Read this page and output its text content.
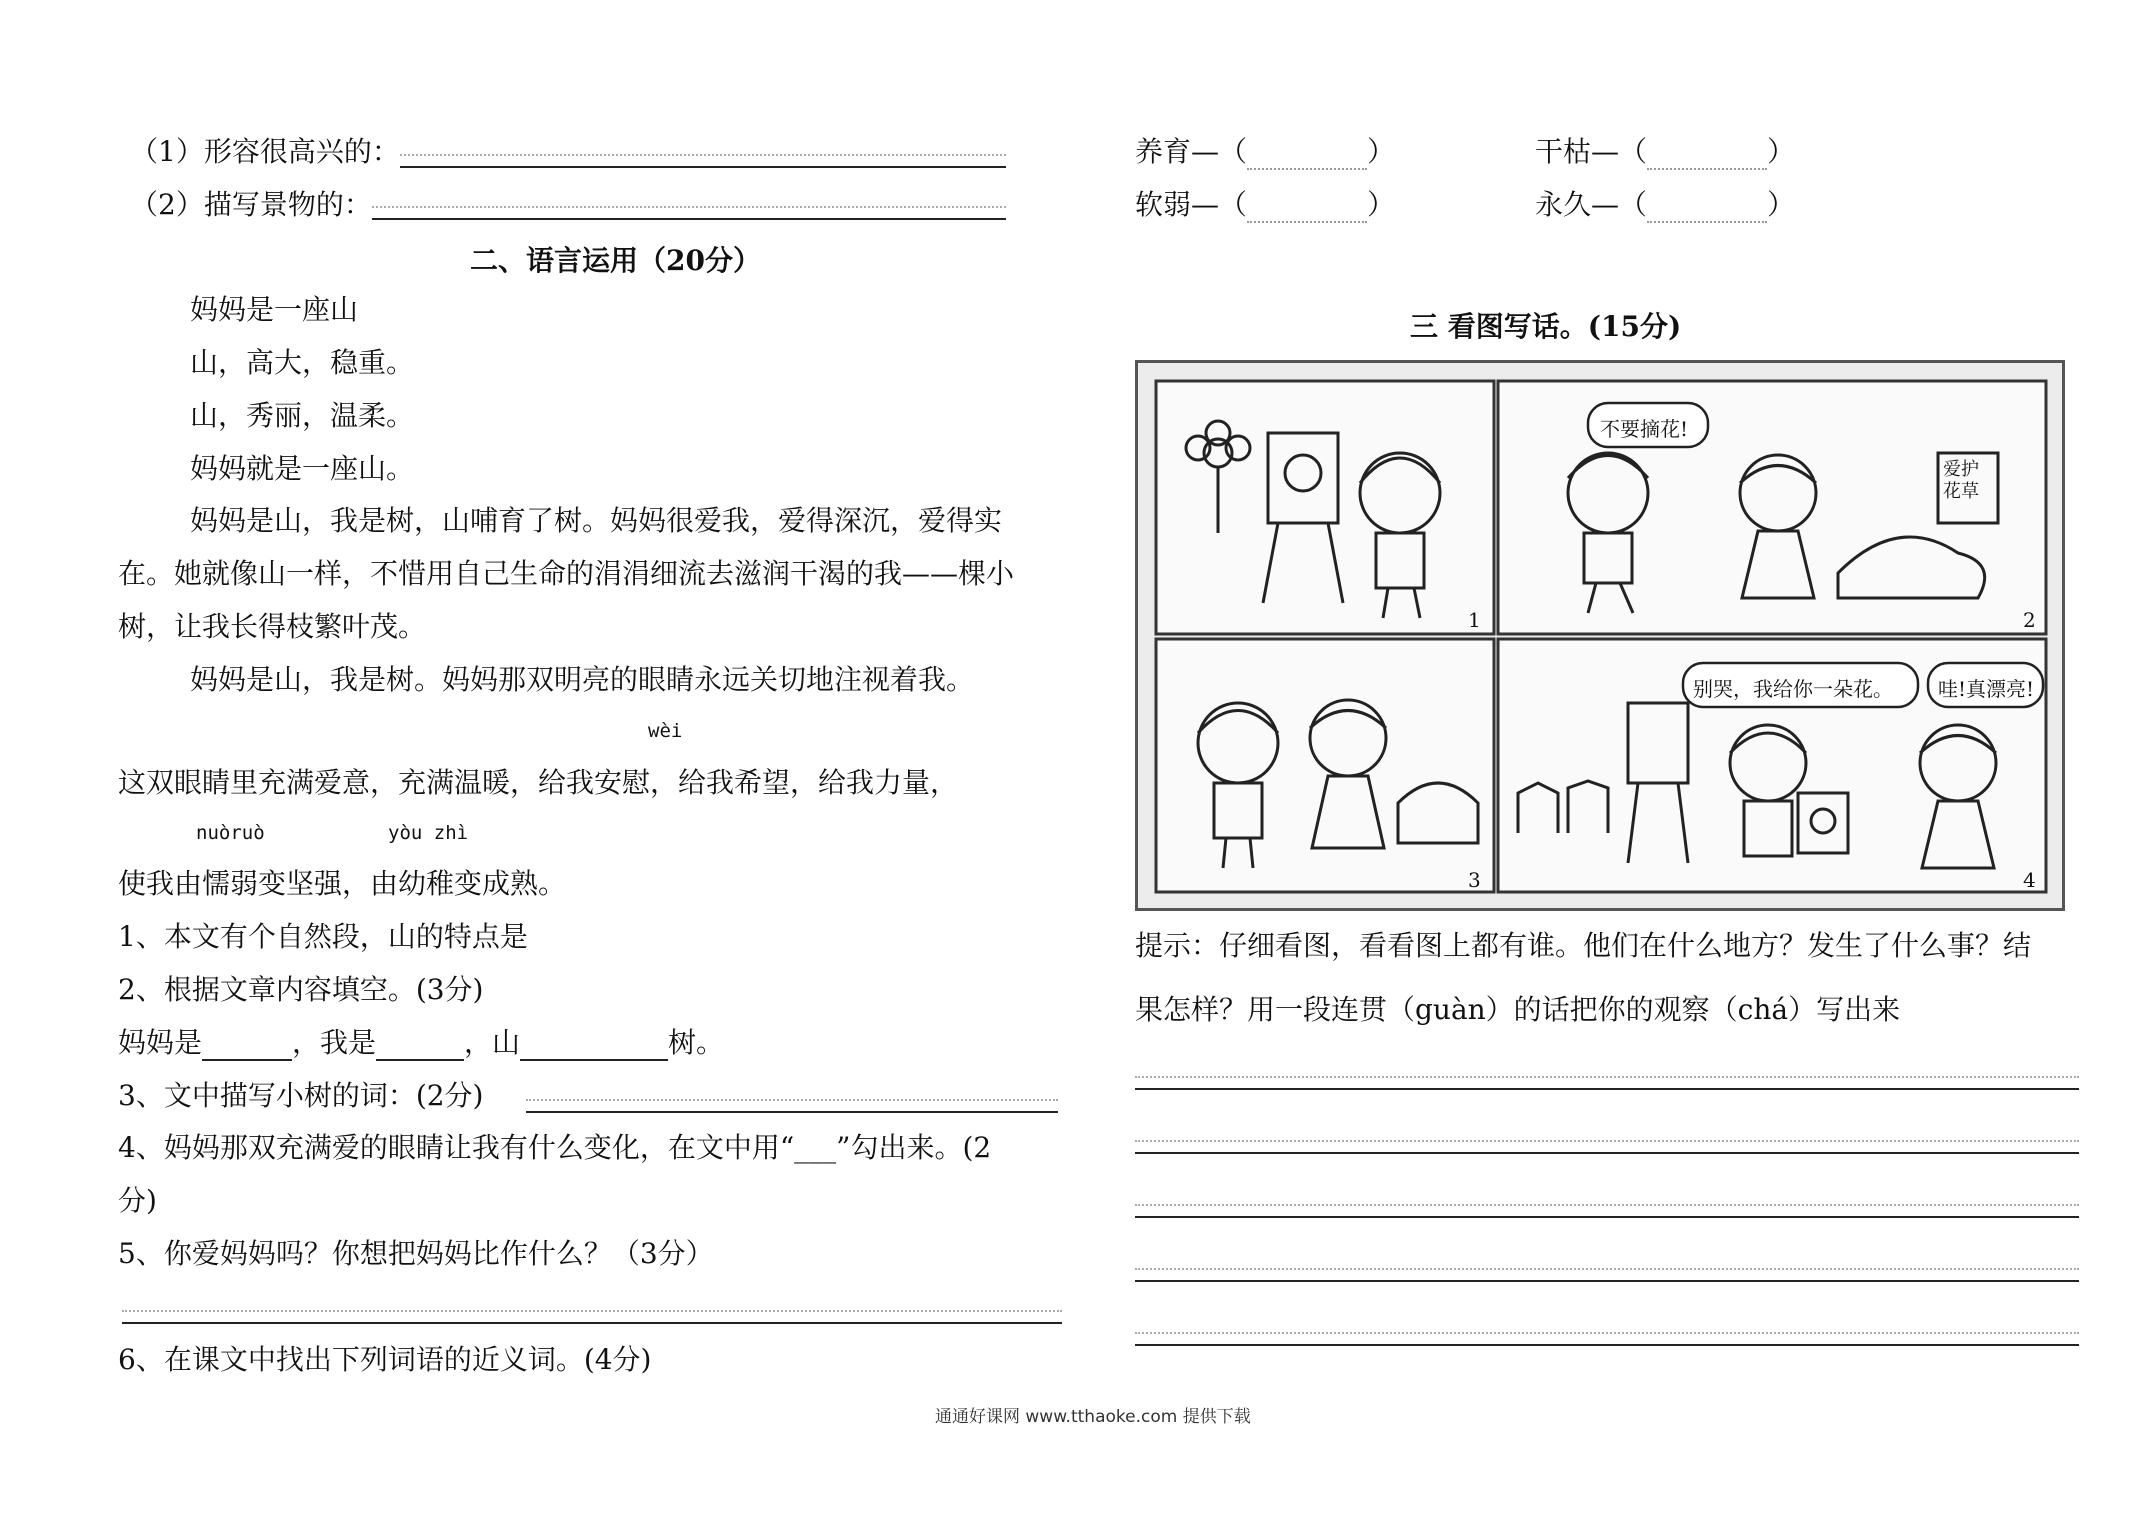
（1）形容很高兴的：
（2）描写景物的：
二、语言运用（20分）
妈妈是一座山
山，高大，稳重。
山，秀丽，温柔。
妈妈就是一座山。
妈妈是山，我是树，山哺育了树。妈妈很爱我，爱得深沉，爱得实
在。她就像山一样，不惜用自己生命的涓涓细流去滋润干渴的我——棵小
树，让我长得枝繁叶茂。
妈妈是山，我是树。妈妈那双明亮的眼睛永远关切地注视着我。
wèi
这双眼睛里充满爱意，充满温暖，给我安慰，给我希望，给我力量，
nuòruò	yòu zhì
使我由懦弱变坚强，由幼稚变成熟。
1、本文有个自然段，山的特点是
2、根据文章内容填空。(3分)
妈妈是	，我是	，山	树。
3、文中描写小树的词：(2分)
4、妈妈那双充满爱的眼睛让我有什么变化，在文中用“___”勾出来。(2
分)
5、你爱妈妈吗？你想把妈妈比作什么？（3分）
6、在课文中找出下列词语的近义词。(4分)
养育—（	）	干枯—（	）
软弱—（	）	永久—（	）
三 看图写话。(15分)
不要摘花!
爱护花草
别哭，我给你一朵花。 哇!真漂亮!
1	2
3	4
提示：仔细看图，看看图上都有谁。他们在什么地方？发生了什么事？结
果怎样？用一段连贯（guàn）的话把你的观察（chá）写出来
通通好课网 www.tthaoke.com 提供下载
